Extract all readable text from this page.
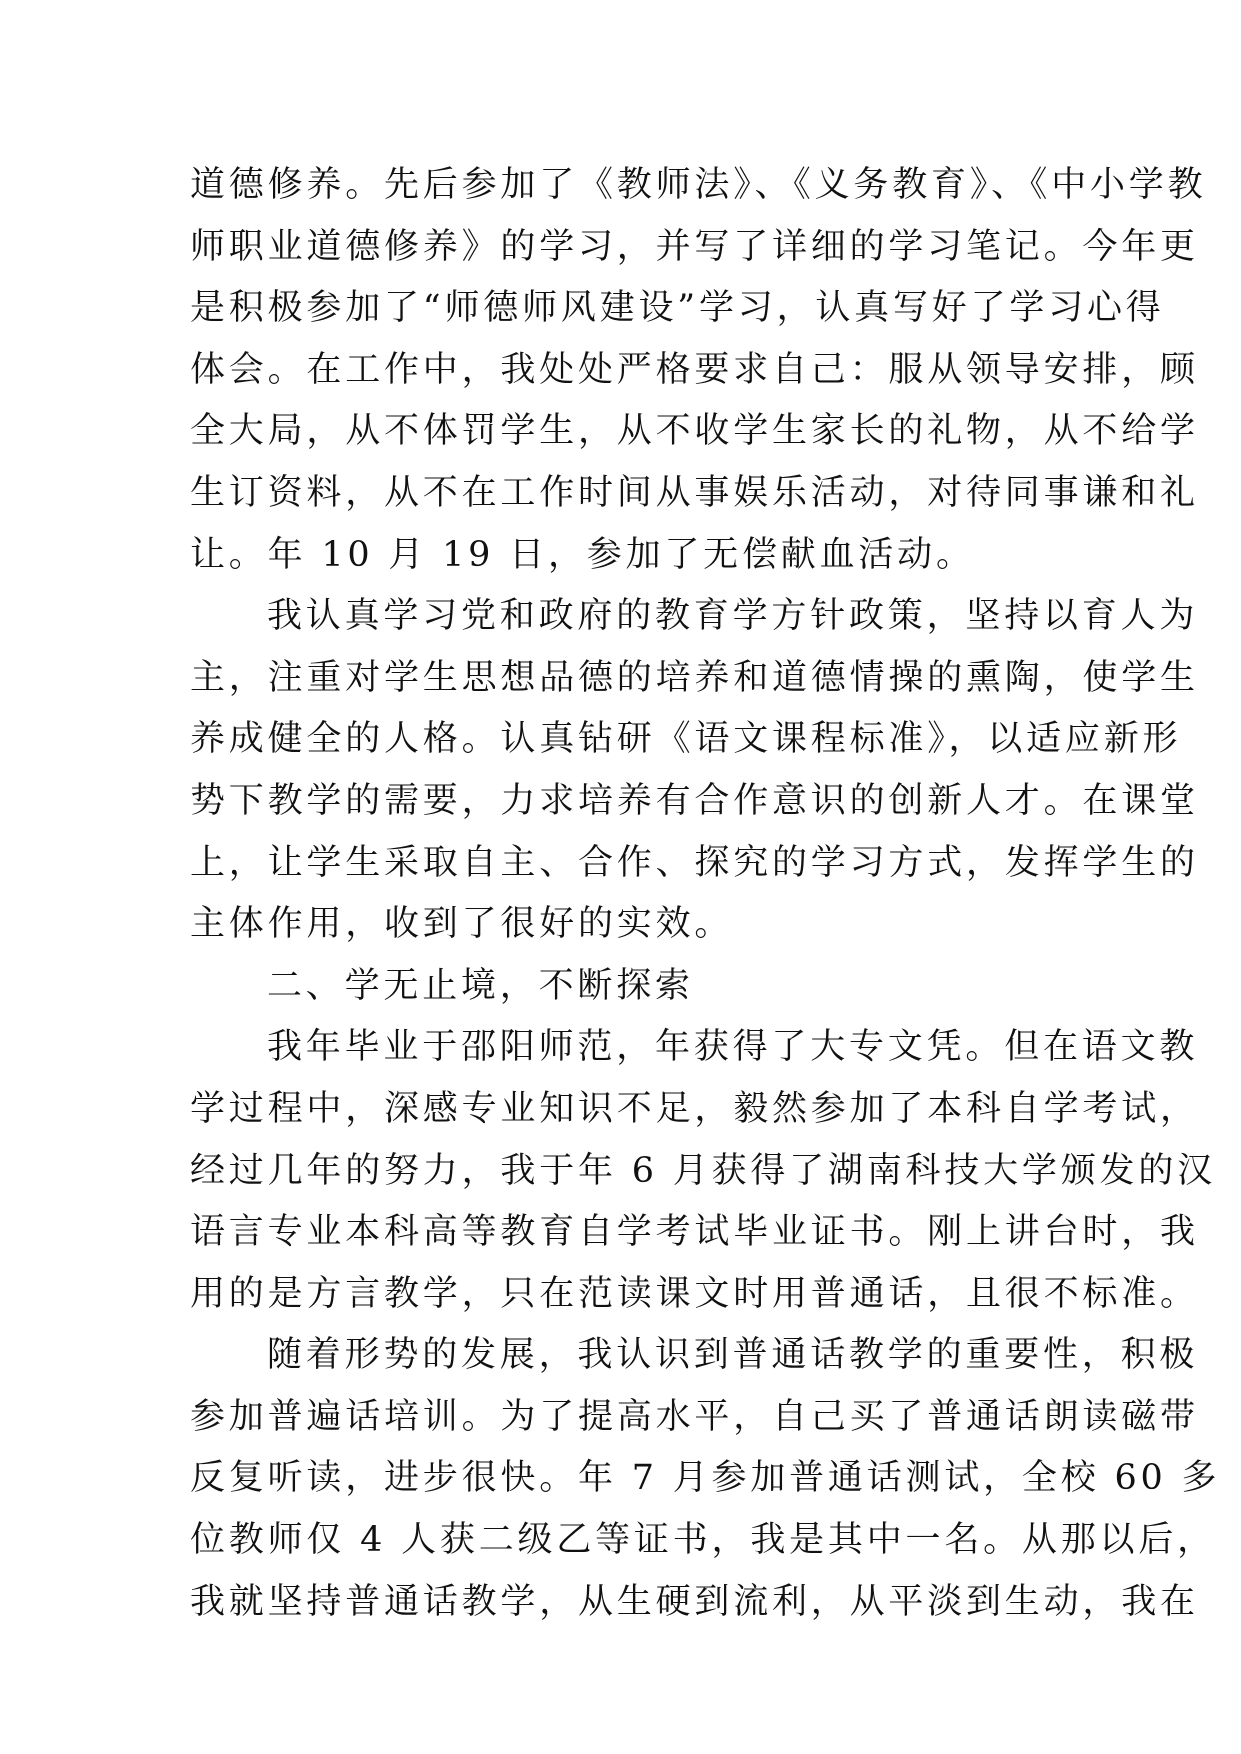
道德修养。先后参加了《教师法》、《义务教育》、《中小学教
师职业道德修养》的学习，并写了详细的学习笔记。今年更
是积极参加了“师德师风建设”学习，认真写好了学习心得
体会。在工作中，我处处严格要求自己：服从领导安排，顾
全大局，从不体罚学生，从不收学生家长的礼物，从不给学
生订资料，从不在工作时间从事娱乐活动，对待同事谦和礼
让。年 10 月 19 日，参加了无偿献血活动。
我认真学习党和政府的教育学方针政策，坚持以育人为
主，注重对学生思想品德的培养和道德情操的熏陶，使学生
养成健全的人格。认真钻研《语文课程标准》，以适应新形
势下教学的需要，力求培养有合作意识的创新人才。在课堂
上，让学生采取自主、合作、探究的学习方式，发挥学生的
主体作用，收到了很好的实效。
二、学无止境，不断探索
我年毕业于邵阳师范，年获得了大专文凭。但在语文教
学过程中，深感专业知识不足，毅然参加了本科自学考试，
经过几年的努力，我于年 6 月获得了湖南科技大学颁发的汉
语言专业本科高等教育自学考试毕业证书。刚上讲台时，我
用的是方言教学，只在范读课文时用普通话，且很不标准。
随着形势的发展，我认识到普通话教学的重要性，积极
参加普遍话培训。为了提高水平，自己买了普通话朗读磁带
反复听读，进步很快。年 7 月参加普通话测试，全校 60 多
位教师仅 4 人获二级乙等证书，我是其中一名。从那以后，
我就坚持普通话教学，从生硬到流利，从平淡到生动，我在
